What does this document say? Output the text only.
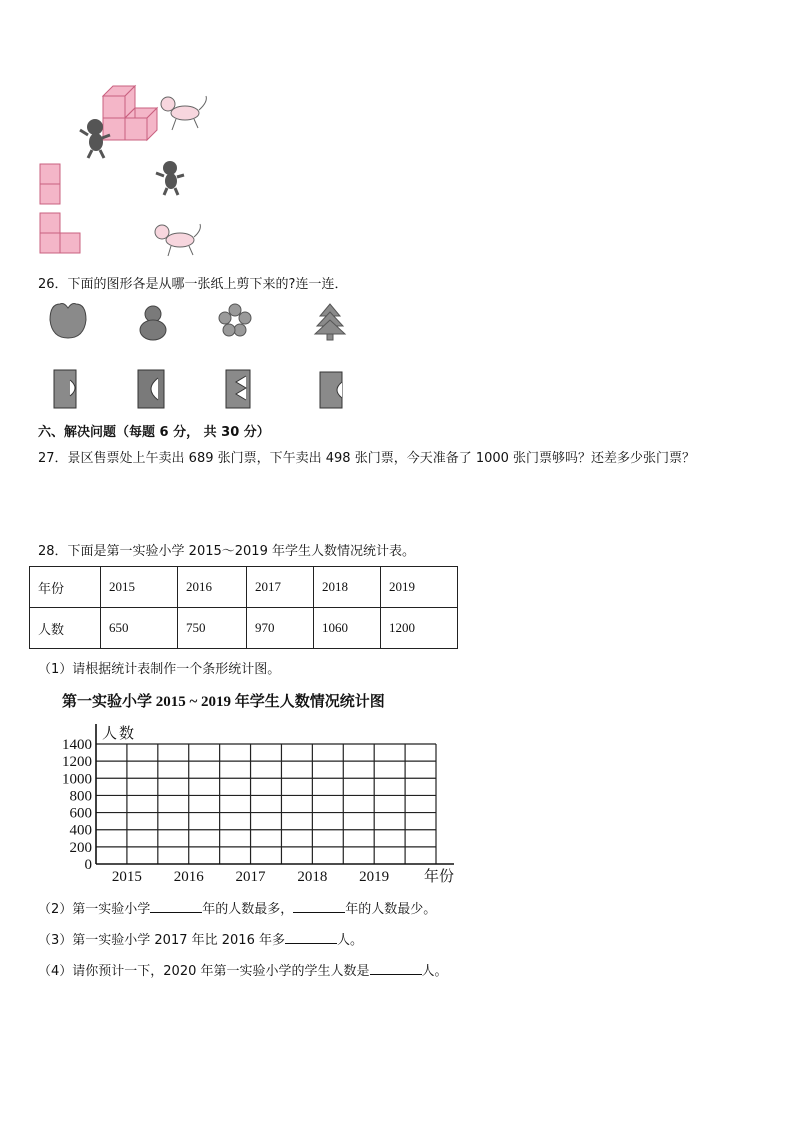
26．下面的图形各是从哪一张纸上剪下来的?连一连．
六、解决问题（每题 6 分， 共 30 分）
27．景区售票处上午卖出 689 张门票，下午卖出 498 张门票，今天准备了 1000 张门票够吗？还差多少张门票？
28．下面是第一实验小学 2015～2019 年学生人数情况统计表。
年份	2015	2016	2017	2018	2019
人数	650	750	970	1060	1200
（1）请根据统计表制作一个条形统计图。
第一实验小学 2015 ~ 2019 年学生人数情况统计图
0
200
400
600
800
1000
1200
1400
人数
2015 2016 2017 2018 2019 年份
（2）第一实验小学	年的人数最多，	年的人数最少。
（3）第一实验小学 2017 年比 2016 年多	人。
（4）请你预计一下，2020 年第一实验小学的学生人数是	人。
